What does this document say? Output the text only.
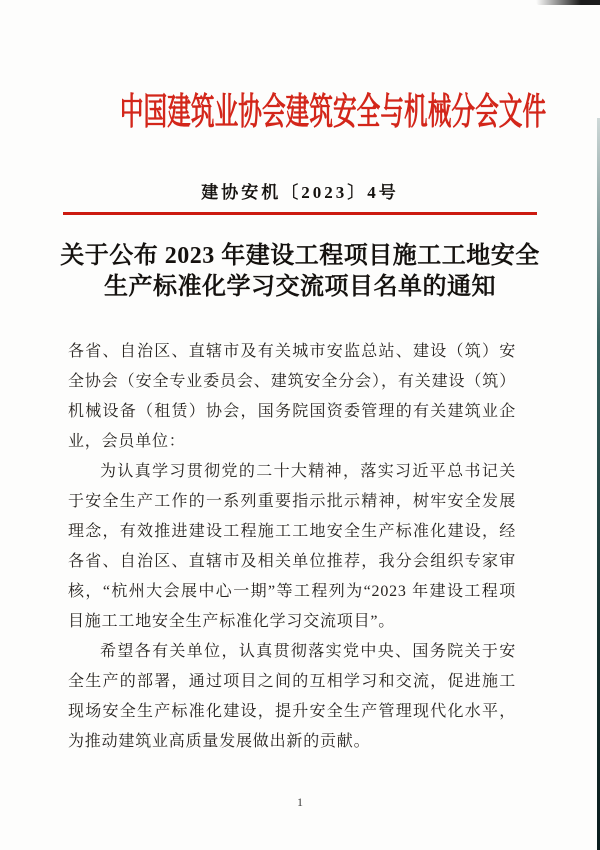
中国建筑业协会建筑安全与机械分会文件
建协安机〔2023〕4号
关于公布 2023 年建设工程项目施工工地安全
生产标准化学习交流项目名单的通知

各省、自治区、直辖市及有关城市安监总站、建设（筑）安全协会（安全专业委员会、建筑安全分会），有关建设（筑）机械设备（租赁）协会，国务院国资委管理的有关建筑业企业，会员单位：

为认真学习贯彻党的二十大精神，落实习近平总书记关于安全生产工作的一系列重要指示批示精神，树牢安全发展理念，有效推进建设工程施工工地安全生产标准化建设，经各省、自治区、直辖市及相关单位推荐，我分会组织专家审核，“杭州大会展中心一期”等工程列为“2023 年建设工程项目施工工地安全生产标准化学习交流项目”。

希望各有关单位，认真贯彻落实党中央、国务院关于安全生产的部署，通过项目之间的互相学习和交流，促进施工现场安全生产标准化建设，提升安全生产管理现代化水平，为推动建筑业高质量发展做出新的贡献。

1
